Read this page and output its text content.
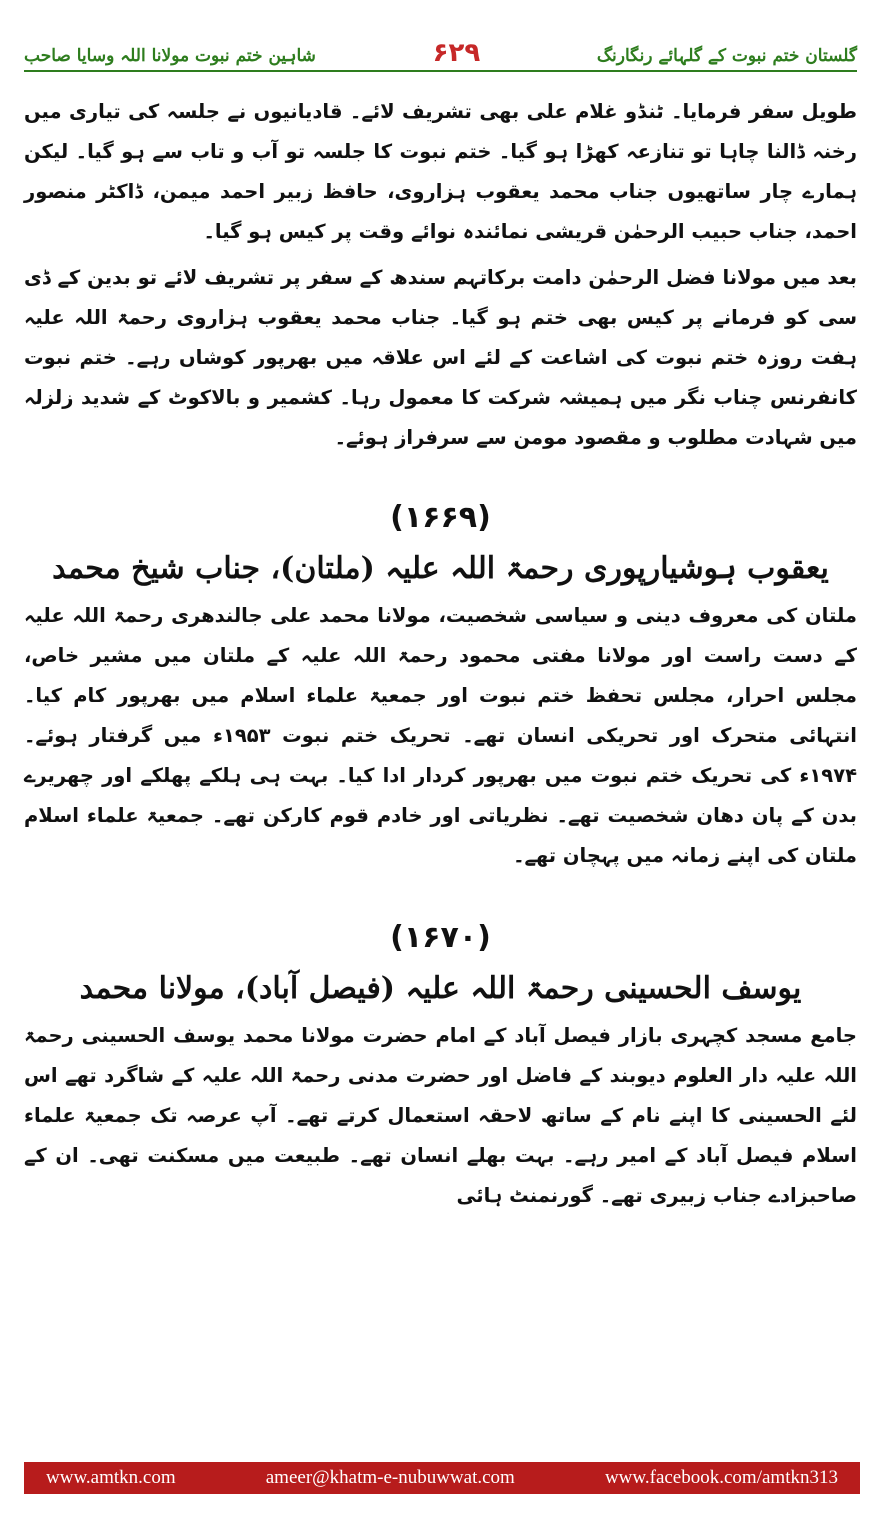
شاہین ختم نبوت مولانا اللہ وسایا صاحب	۶۲۹	گلستان ختم نبوت کے گلہائے رنگارنگ

طویل سفر فرمایا۔ ٹنڈو غلام علی بھی تشریف لائے۔ قادیانیوں نے جلسہ کی تیاری میں رخنہ ڈالنا چاہا تو تنازعہ کھڑا ہو گیا۔ ختم نبوت کا جلسہ تو آب و تاب سے ہو گیا۔ لیکن ہمارے چار ساتھیوں جناب محمد یعقوب ہزاروی، حافظ زبیر احمد میمن، ڈاکٹر منصور احمد، جناب حبیب الرحمٰن قریشی نمائندہ نوائے وقت پر کیس ہو گیا۔

بعد میں مولانا فضل الرحمٰن دامت برکاتہم سندھ کے سفر پر تشریف لائے تو بدین کے ڈی سی کو فرمانے پر کیس بھی ختم ہو گیا۔ جناب محمد یعقوب ہزاروی رحمۃ اللہ علیہ ہفت روزہ ختم نبوت کی اشاعت کے لئے اس علاقہ میں بھرپور کوشاں رہے۔ ختم نبوت کانفرنس چناب نگر میں ہمیشہ شرکت کا معمول رہا۔ کشمیر و بالاکوٹ کے شدید زلزلہ میں شہادت مطلوب و مقصود مومن سے سرفراز ہوئے۔

(۱۶۶۹)
یعقوب ہوشیارپوری رحمۃ اللہ علیہ (ملتان)، جناب شیخ محمد

ملتان کی معروف دینی و سیاسی شخصیت، مولانا محمد علی جالندھری رحمۃ اللہ علیہ کے دست راست اور مولانا مفتی محمود رحمۃ اللہ علیہ کے ملتان میں مشیر خاص، مجلس احرار، مجلس تحفظ ختم نبوت اور جمعیۃ علماء اسلام میں بھرپور کام کیا۔ انتہائی متحرک اور تحریکی انسان تھے۔ تحریک ختم نبوت ۱۹۵۳ء میں گرفتار ہوئے۔ ۱۹۷۴ء کی تحریک ختم نبوت میں بھرپور کردار ادا کیا۔ بہت ہی ہلکے پھلکے اور چھریرے بدن کے پان دھان شخصیت تھے۔ نظریاتی اور خادم قوم کارکن تھے۔ جمعیۃ علماء اسلام ملتان کی اپنے زمانہ میں پہچان تھے۔

(۱۶۷۰)
یوسف الحسینی رحمۃ اللہ علیہ (فیصل آباد)، مولانا محمد

جامع مسجد کچہری بازار فیصل آباد کے امام حضرت مولانا محمد یوسف الحسینی رحمۃ اللہ علیہ دار العلوم دیوبند کے فاضل اور حضرت مدنی رحمۃ اللہ علیہ کے شاگرد تھے اس لئے الحسینی کا اپنے نام کے ساتھ لاحقہ استعمال کرتے تھے۔ آپ عرصہ تک جمعیۃ علماء اسلام فیصل آباد کے امیر رہے۔ بہت بھلے انسان تھے۔ طبیعت میں مسکنت تھی۔ ان کے صاحبزادے جناب زبیری تھے۔ گورنمنٹ ہائی

www.amtkn.com	ameer@khatm-e-nubuwwat.com	www.facebook.com/amtkn313
